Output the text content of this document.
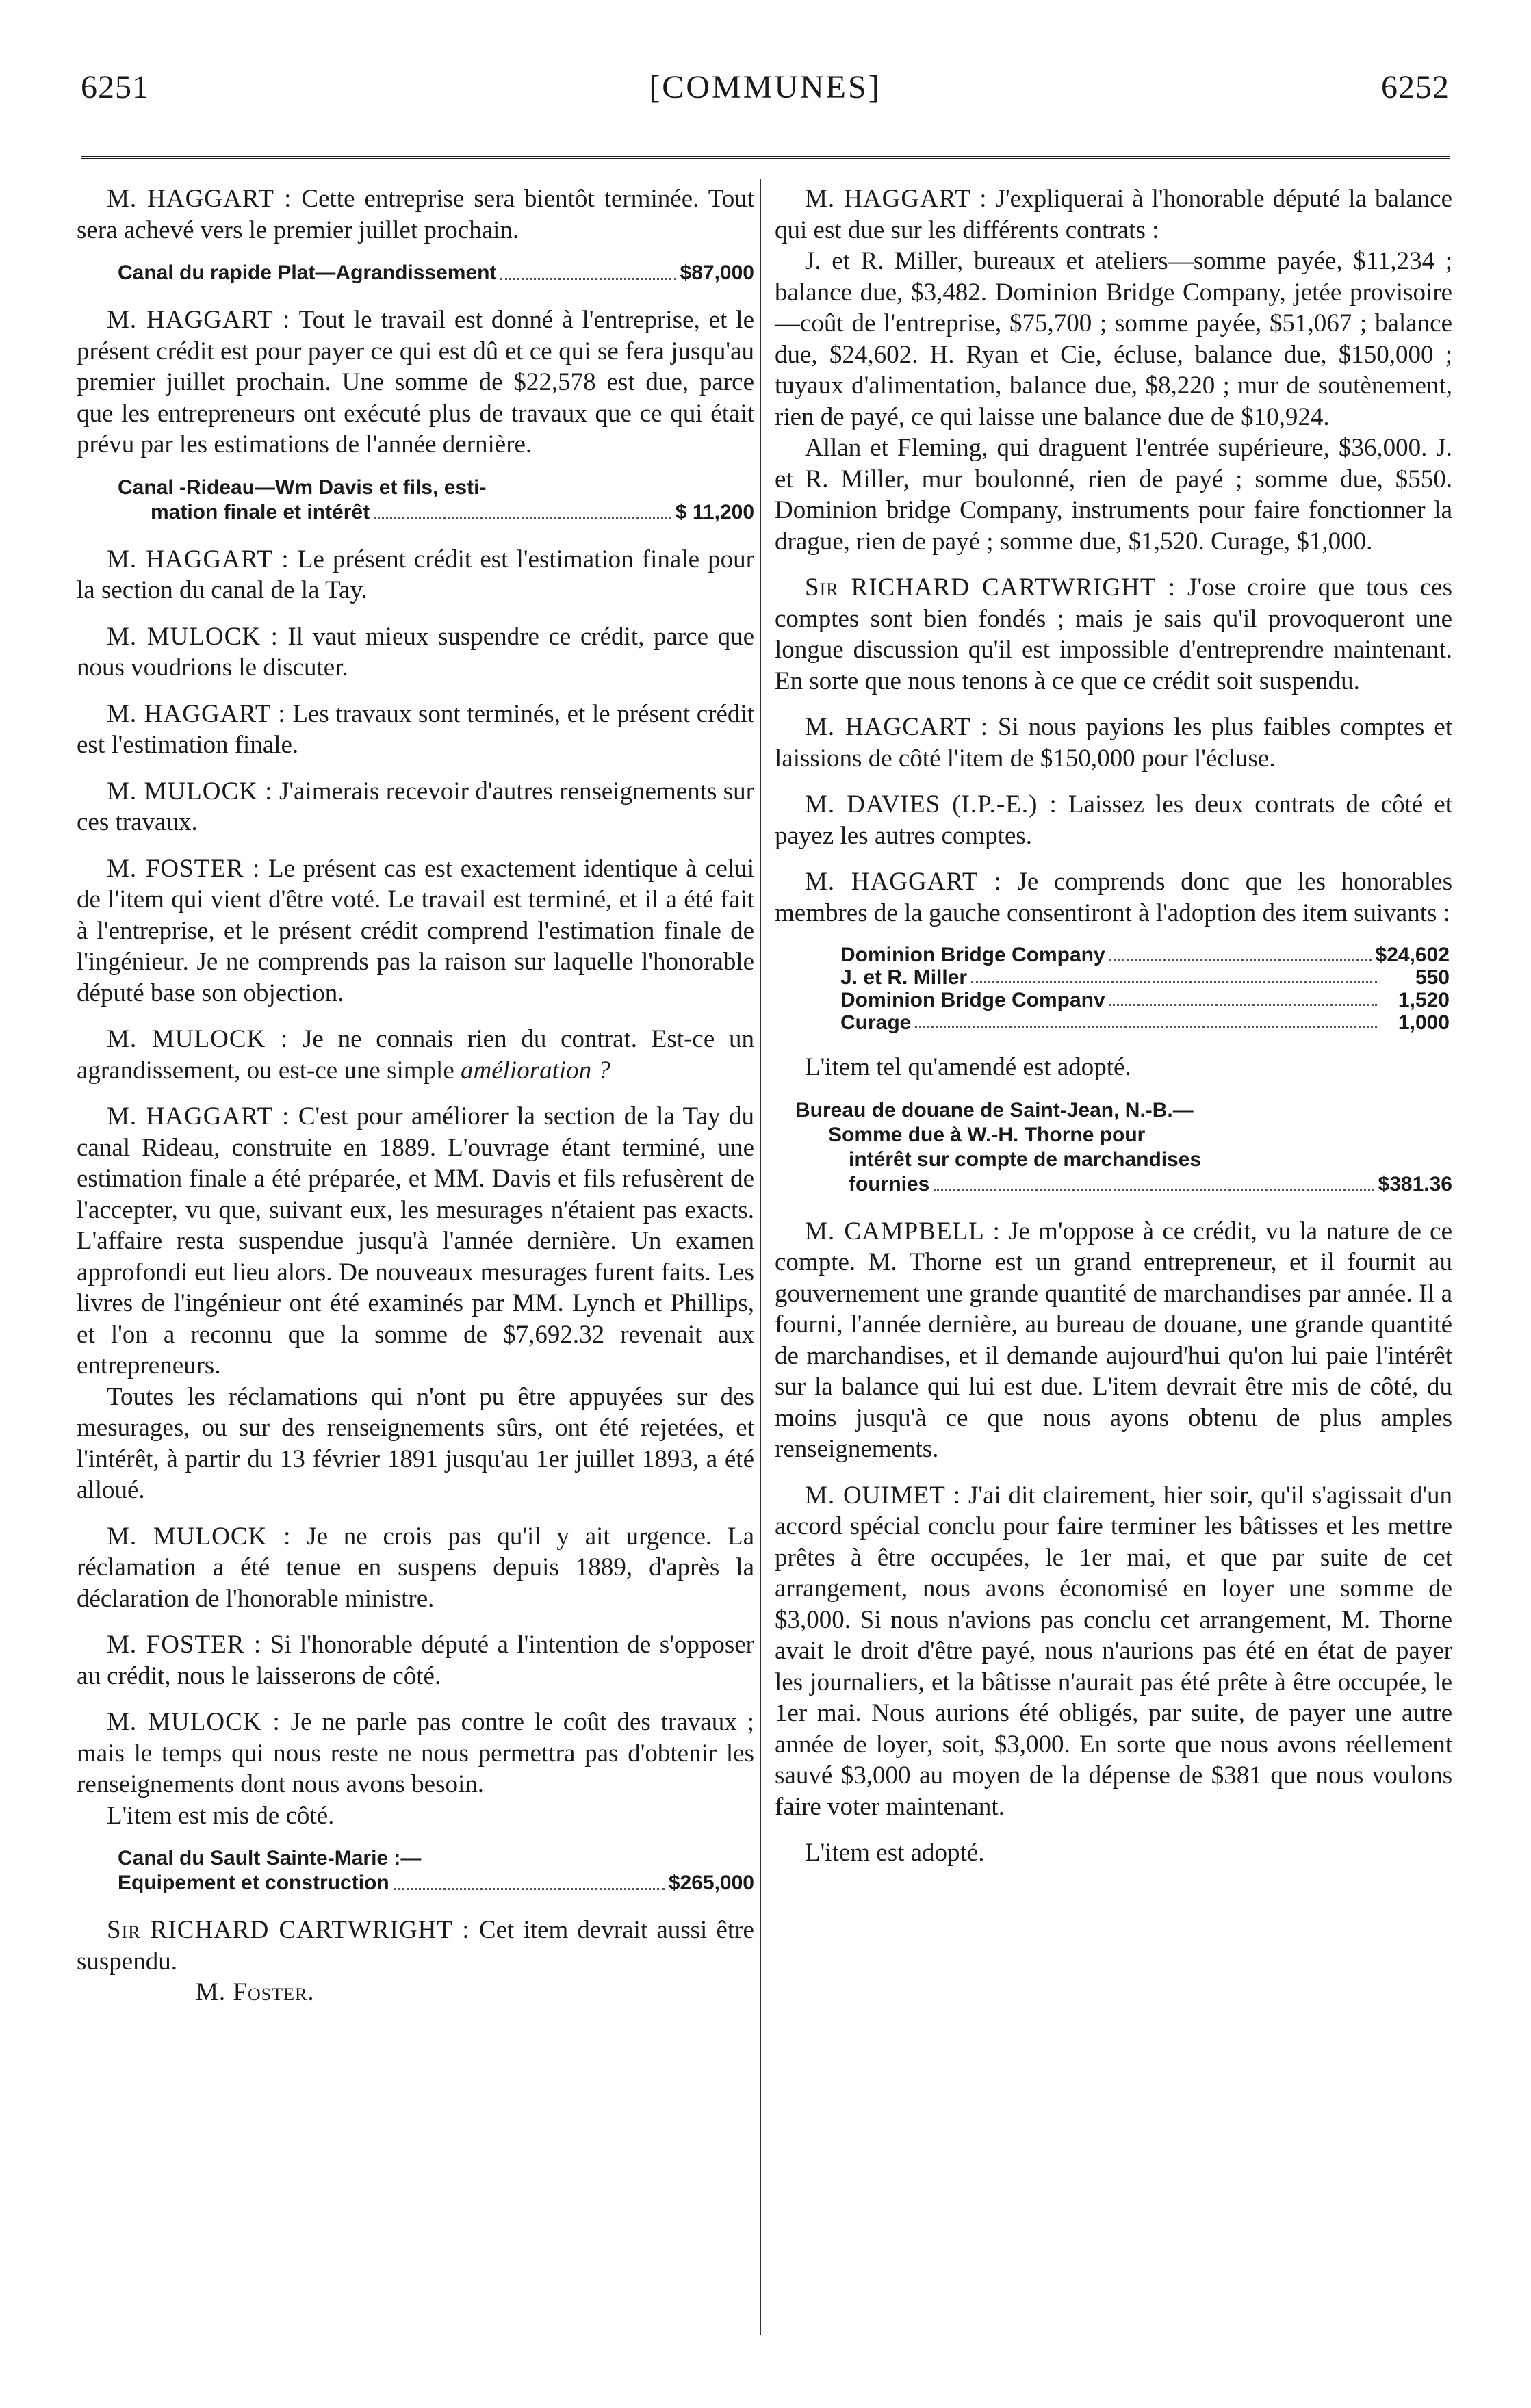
6251	[COMMUNES]	6252

M. HAGGART : Cette entreprise sera bientôt terminée. Tout sera achevé vers le premier juillet prochain.

Canal du rapide Plat—Agrandissement	$87,000

M. HAGGART : Tout le travail est donné à l'entreprise, et le présent crédit est pour payer ce qui est dû et ce qui se fera jusqu'au premier juillet prochain. Une somme de $22,578 est due, parce que les entrepreneurs ont exécuté plus de travaux que ce qui était prévu par les estimations de l'année dernière.

Canal -Rideau—Wm Davis et fils, esti-
mation finale et intérêt	$ 11,200

M. HAGGART : Le présent crédit est l'estimation finale pour la section du canal de la Tay.

M. MULOCK : Il vaut mieux suspendre ce crédit, parce que nous voudrions le discuter.

M. HAGGART : Les travaux sont terminés, et le présent crédit est l'estimation finale.

M. MULOCK : J'aimerais recevoir d'autres renseignements sur ces travaux.

M. FOSTER : Le présent cas est exactement identique à celui de l'item qui vient d'être voté. Le travail est terminé, et il a été fait à l'entreprise, et le présent crédit comprend l'estimation finale de l'ingénieur. Je ne comprends pas la raison sur laquelle l'honorable député base son objection.

M. MULOCK : Je ne connais rien du contrat. Est-ce un agrandissement, ou est-ce une simple amélioration ?

M. HAGGART : C'est pour améliorer la section de la Tay du canal Rideau, construite en 1889. L'ouvrage étant terminé, une estimation finale a été préparée, et MM. Davis et fils refusèrent de l'accepter, vu que, suivant eux, les mesurages n'étaient pas exacts. L'affaire resta suspendue jusqu'à l'année dernière. Un examen approfondi eut lieu alors. De nouveaux mesurages furent faits. Les livres de l'ingénieur ont été examinés par MM. Lynch et Phillips, et l'on a reconnu que la somme de $7,692.32 revenait aux entrepreneurs.

Toutes les réclamations qui n'ont pu être appuyées sur des mesurages, ou sur des renseignements sûrs, ont été rejetées, et l'intérêt, à partir du 13 février 1891 jusqu'au 1er juillet 1893, a été alloué.

M. MULOCK : Je ne crois pas qu'il y ait urgence. La réclamation a été tenue en suspens depuis 1889, d'après la déclaration de l'honorable ministre.

M. FOSTER : Si l'honorable député a l'intention de s'opposer au crédit, nous le laisserons de côté.

M. MULOCK : Je ne parle pas contre le coût des travaux ; mais le temps qui nous reste ne nous permettra pas d'obtenir les renseignements dont nous avons besoin.

L'item est mis de côté.

Canal du Sault Sainte-Marie :—
Equipement et construction	$265,000

Sir RICHARD CARTWRIGHT : Cet item devrait aussi être suspendu.

M. Foster.

M. HAGGART : J'expliquerai à l'honorable député la balance qui est due sur les différents contrats :

J. et R. Miller, bureaux et ateliers—somme payée, $11,234 ; balance due, $3,482. Dominion Bridge Company, jetée provisoire—coût de l'entreprise, $75,700 ; somme payée, $51,067 ; balance due, $24,602. H. Ryan et Cie, écluse, balance due, $150,000 ; tuyaux d'alimentation, balance due, $8,220 ; mur de soutènement, rien de payé, ce qui laisse une balance due de $10,924.

Allan et Fleming, qui draguent l'entrée supérieure, $36,000. J. et R. Miller, mur boulonné, rien de payé ; somme due, $550. Dominion bridge Company, instruments pour faire fonctionner la drague, rien de payé ; somme due, $1,520. Curage, $1,000.

Sir RICHARD CARTWRIGHT : J'ose croire que tous ces comptes sont bien fondés ; mais je sais qu'il provoqueront une longue discussion qu'il est impossible d'entreprendre maintenant. En sorte que nous tenons à ce que ce crédit soit suspendu.

M. HAGCART : Si nous payions les plus faibles comptes et laissions de côté l'item de $150,000 pour l'écluse.

M. DAVIES (I.P.-E.) : Laissez les deux contrats de côté et payez les autres comptes.

M. HAGGART : Je comprends donc que les honorables membres de la gauche consentiront à l'adoption des item suivants :

Dominion Bridge Company	$24,602
J. et R. Miller	550
Dominion Bridge Companv	1,520
Curage	1,000

L'item tel qu'amendé est adopté.

Bureau de douane de Saint-Jean, N.-B.—
Somme due à W.-H. Thorne pour
intérêt sur compte de marchandises
fournies	$381.36

M. CAMPBELL : Je m'oppose à ce crédit, vu la nature de ce compte. M. Thorne est un grand entrepreneur, et il fournit au gouvernement une grande quantité de marchandises par année. Il a fourni, l'année dernière, au bureau de douane, une grande quantité de marchandises, et il demande aujourd'hui qu'on lui paie l'intérêt sur la balance qui lui est due. L'item devrait être mis de côté, du moins jusqu'à ce que nous ayons obtenu de plus amples renseignements.

M. OUIMET : J'ai dit clairement, hier soir, qu'il s'agissait d'un accord spécial conclu pour faire terminer les bâtisses et les mettre prêtes à être occupées, le 1er mai, et que par suite de cet arrangement, nous avons économisé en loyer une somme de $3,000. Si nous n'avions pas conclu cet arrangement, M. Thorne avait le droit d'être payé, nous n'aurions pas été en état de payer les journaliers, et la bâtisse n'aurait pas été prête à être occupée, le 1er mai. Nous aurions été obligés, par suite, de payer une autre année de loyer, soit, $3,000. En sorte que nous avons réellement sauvé $3,000 au moyen de la dépense de $381 que nous voulons faire voter maintenant.

L'item est adopté.
